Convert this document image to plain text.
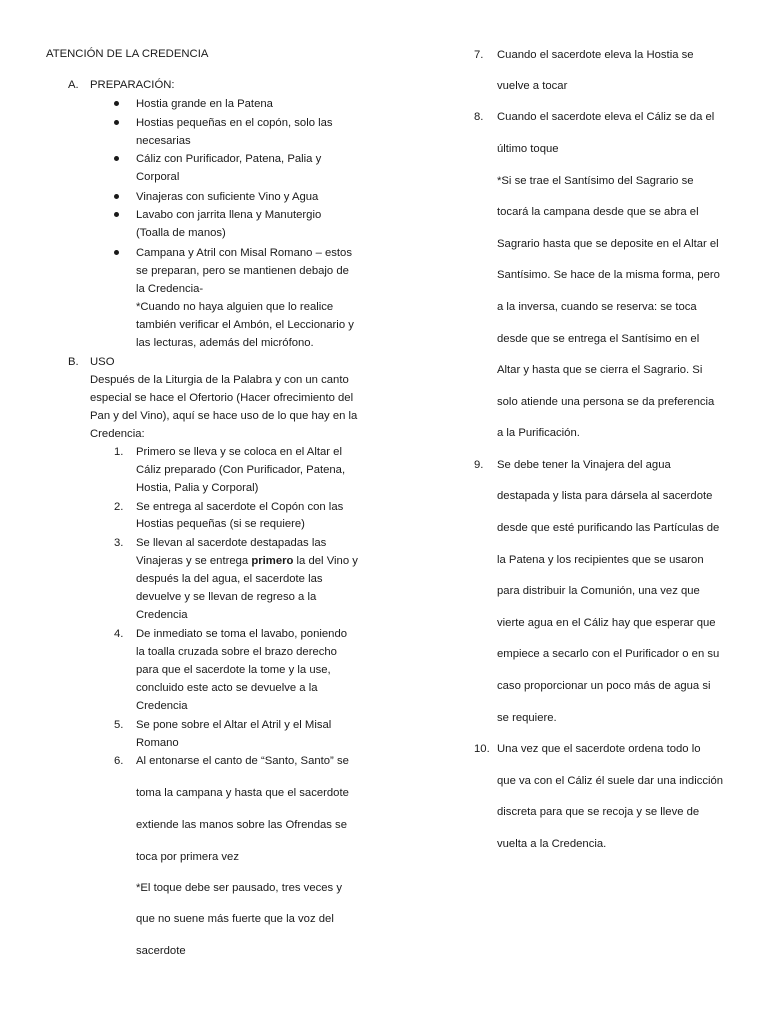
ATENCIÓN DE LA CREDENCIA
A. PREPARACIÓN:
Hostia grande en la Patena
Hostias pequeñas en el copón, solo las
necesarias
Cáliz con Purificador, Patena, Palia y
Corporal
Vinajeras con suficiente Vino y Agua
Lavabo con jarrita llena y Manutergio
(Toalla de manos)
Campana y Atril con Misal Romano – estos
se preparan, pero se mantienen debajo de
la Credencia-
*Cuando no haya alguien que lo realice
también verificar el Ambón, el Leccionario y
las lecturas, además del micrófono.
B. USO
Después de la Liturgia de la Palabra y con un canto
especial se hace el Ofertorio (Hacer ofrecimiento del
Pan y del Vino), aquí se hace uso de lo que hay en la
Credencia:
1. Primero se lleva y se coloca en el Altar el
Cáliz preparado (Con Purificador, Patena,
Hostia, Palia y Corporal)
2. Se entrega al sacerdote el Copón con las
Hostias pequeñas (si se requiere)
3. Se llevan al sacerdote destapadas las
Vinajeras y se entrega primero la del Vino y
después la del agua, el sacerdote las
devuelve y se llevan de regreso a la
Credencia
4. De inmediato se toma el lavabo, poniendo
la toalla cruzada sobre el brazo derecho
para que el sacerdote la tome y la use,
concluido este acto se devuelve a la
Credencia
5. Se pone sobre el Altar el Atril y el Misal
Romano
6. Al entonarse el canto de “Santo, Santo” se
toma la campana y hasta que el sacerdote
extiende las manos sobre las Ofrendas se
toca por primera vez
*El toque debe ser pausado, tres veces y
que no suene más fuerte que la voz del
sacerdote
7. Cuando el sacerdote eleva la Hostia se
vuelve a tocar
8. Cuando el sacerdote eleva el Cáliz se da el
último toque
*Si se trae el Santísimo del Sagrario se
tocará la campana desde que se abra el
Sagrario hasta que se deposite en el Altar el
Santísimo. Se hace de la misma forma, pero
a la inversa, cuando se reserva: se toca
desde que se entrega el Santísimo en el
Altar y hasta que se cierra el Sagrario. Si
solo atiende una persona se da preferencia
a la Purificación.
9. Se debe tener la Vinajera del agua
destapada y lista para dársela al sacerdote
desde que esté purificando las Partículas de
la Patena y los recipientes que se usaron
para distribuir la Comunión, una vez que
vierte agua en el Cáliz hay que esperar que
empiece a secarlo con el Purificador o en su
caso proporcionar un poco más de agua si
se requiere.
10. Una vez que el sacerdote ordena todo lo
que va con el Cáliz él suele dar una indicción
discreta para que se recoja y se lleve de
vuelta a la Credencia.
